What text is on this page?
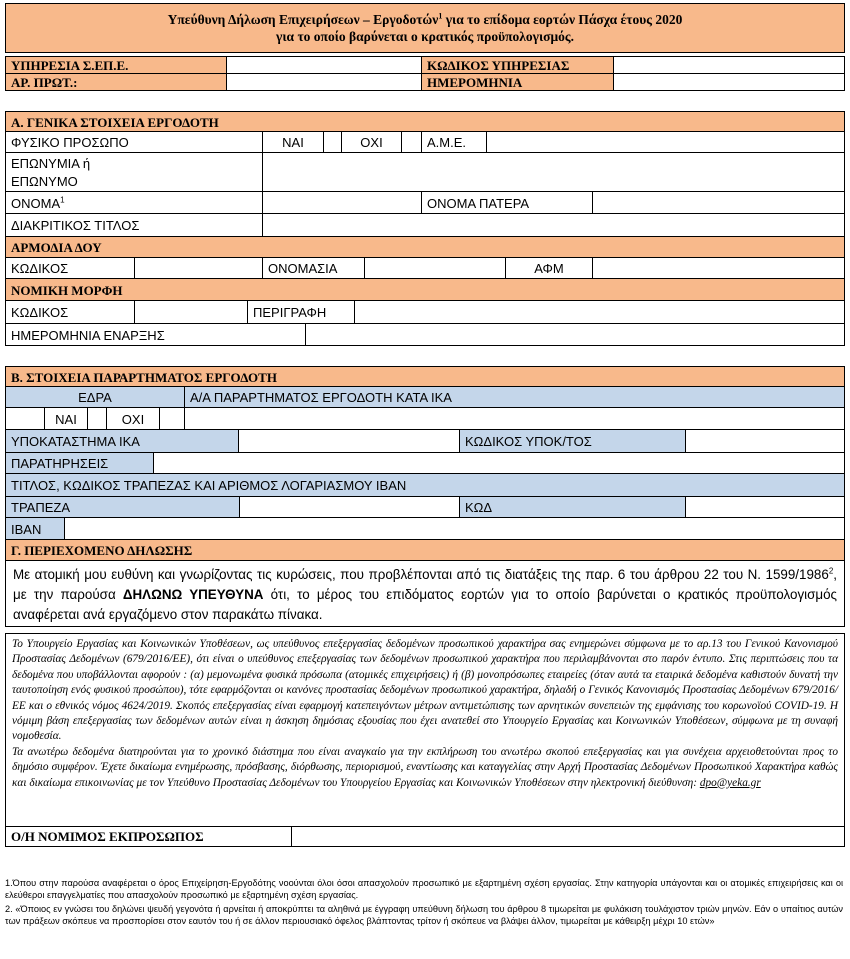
Υπεύθυνη Δήλωση Επιχειρήσεων – Εργοδοτών$^1$ για το επίδομα εορτών Πάσχα έτους 2020
για το οποίο βαρύνεται ο κρατικός προϋπολογισμός.
ΥΠΗΡΕΣΙΑ Σ.ΕΠ.Ε.	ΚΩΔΙΚΟΣ ΥΠΗΡΕΣΙΑΣ
ΑΡ. ΠΡΩΤ.:	ΗΜΕΡΟΜΗΝΙΑ
Α. ΓΕΝΙΚΑ ΣΤΟΙΧΕΙΑ ΕΡΓΟΔΟΤΗ
ΦΥΣΙΚΟ ΠΡΟΣΩΠΟ	ΝΑΙ	ΟΧΙ	Α.Μ.Ε.
ΕΠΩΝΥΜΙΑ ή
ΕΠΩΝΥΜΟ
ΟΝΟΜΑ$^1$	ΟΝΟΜΑ ΠΑΤΕΡΑ
ΔΙΑΚΡΙΤΙΚΟΣ ΤΙΤΛΟΣ
ΑΡΜΟΔΙΑ ΔΟΥ
ΚΩΔΙΚΟΣ	ΟΝΟΜΑΣΙΑ	ΑΦΜ
ΝΟΜΙΚΗ ΜΟΡΦΗ
ΚΩΔΙΚΟΣ	ΠΕΡΙΓΡΑΦΗ
ΗΜΕΡΟΜΗΝΙΑ ΕΝΑΡΞΗΣ
Β. ΣΤΟΙΧΕΙΑ ΠΑΡΑΡΤΗΜΑΤΟΣ ΕΡΓΟΔΟΤΗ
ΕΔΡΑ	Α/Α ΠΑΡΑΡΤΗΜΑΤΟΣ ΕΡΓΟΔΟΤΗ ΚΑΤΑ ΙΚΑ
ΝΑΙ	ΟΧΙ
ΥΠΟΚΑΤΑΣΤΗΜΑ ΙΚΑ	ΚΩΔΙΚΟΣ ΥΠΟΚ/ΤΟΣ
ΠΑΡΑΤΗΡΗΣΕΙΣ
ΤΙΤΛΟΣ, ΚΩΔΙΚΟΣ ΤΡΑΠΕΖΑΣ ΚΑΙ ΑΡΙΘΜΟΣ ΛΟΓΑΡΙΑΣΜΟΥ IBAN
ΤΡΑΠΕΖΑ	ΚΩΔ
IBAN
Γ. ΠΕΡΙΕΧΟΜΕΝΟ ΔΗΛΩΣΗΣ
Με ατομική μου ευθύνη και γνωρίζοντας τις κυρώσεις, που προβλέπονται από τις διατάξεις της παρ. 6 του άρθρου 22 του Ν. 1599/1986$^2$, με την παρούσα ΔΗΛΩΝΩ ΥΠΕΥΘΥΝΑ ότι, το μέρος του επιδόματος εορτών για το οποίο βαρύνεται ο κρατικός προϋπολογισμός αναφέρεται ανά εργαζόμενο στον παρακάτω πίνακα.
Το Υπουργείο Εργασίας και Κοινωνικών Υποθέσεων, ως υπεύθυνος επεξεργασίας δεδομένων προσωπικού χαρακτήρα σας ενημερώνει σύμφωνα με το αρ.13 του Γενικού Κανονισμού Προστασίας Δεδομένων (679/2016/ΕΕ), ότι είναι ο υπεύθυνος επεξεργασίας των δεδομένων προσωπικού χαρακτήρα που περιλαμβάνονται στο παρόν έντυπο. Στις περιπτώσεις που τα δεδομένα που υποβάλλονται αφορούν : (α) μεμονωμένα φυσικά πρόσωπα (ατομικές επιχειρήσεις) ή (β) μονοπρόσωπες εταιρείες (όταν αυτά τα εταιρικά δεδομένα καθιστούν δυνατή την ταυτοποίηση ενός φυσικού προσώπου), τότε εφαρμόζονται οι κανόνες προστασίας δεδομένων προσωπικού χαρακτήρα, δηλαδή ο Γενικός Κανονισμός Προστασίας Δεδομένων 679/2016/ΕΕ και ο εθνικός νόμος 4624/2019. Σκοπός επεξεργασίας είναι εφαρμογή κατεπειγόντων μέτρων αντιμετώπισης των αρνητικών συνεπειών της εμφάνισης του κορωνοϊού COVID-19. Η νόμιμη βάση επεξεργασίας των δεδομένων αυτών είναι η άσκηση δημόσιας εξουσίας που έχει ανατεθεί στο Υπουργείο Εργασίας και Κοινωνικών Υποθέσεων, σύμφωνα με τη συναφή νομοθεσία.
Τα ανωτέρω δεδομένα διατηρούνται για το χρονικό διάστημα που είναι αναγκαίο για την εκπλήρωση του ανωτέρω σκοπού επεξεργασίας και για συνέχεια αρχειοθετούνται προς το δημόσιο συμφέρον. Έχετε δικαίωμα ενημέρωσης, πρόσβασης, διόρθωσης, περιορισμού, εναντίωσης και καταγγελίας στην Αρχή Προστασίας Δεδομένων Προσωπικού Χαρακτήρα καθώς και δικαίωμα επικοινωνίας με τον Υπεύθυνο Προστασίας Δεδομένων του Υπουργείου Εργασίας και Κοινωνικών Υποθέσεων στην ηλεκτρονική διεύθυνση: dpo@yeka.gr
Ο/Η ΝΟΜΙΜΟΣ ΕΚΠΡΟΣΩΠΟΣ
1.Όπου στην παρούσα αναφέρεται ο όρος Επιχείρηση-Εργοδότης νοούνται όλοι όσοι απασχολούν προσωπικό με εξαρτημένη σχέση εργασίας. Στην κατηγορία υπάγονται και οι ατομικές επιχειρήσεις και οι ελεύθεροι επαγγελματίες που απασχολούν προσωπικό με εξαρτημένη σχέση εργασίας.
2. «Όποιος εν γνώσει του δηλώνει ψευδή γεγονότα ή αρνείται ή αποκρύπτει τα αληθινά με έγγραφη υπεύθυνη δήλωση του άρθρου 8 τιμωρείται με φυλάκιση τουλάχιστον τριών μηνών. Εάν ο υπαίτιος αυτών των πράξεων σκόπευε να προσπορίσει στον εαυτόν του ή σε άλλον περιουσιακό όφελος βλάπτοντας τρίτον ή σκόπευε να βλάψει άλλον, τιμωρείται με κάθειρξη μέχρι 10 ετών»
